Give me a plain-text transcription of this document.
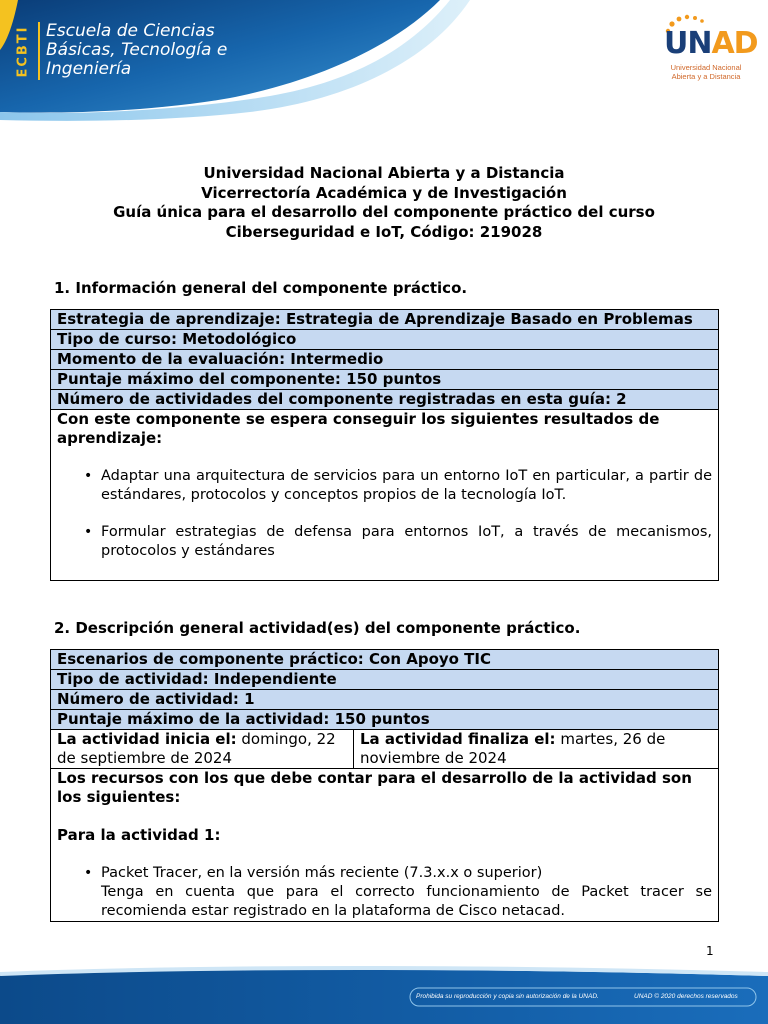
ECBTI Escuela de Ciencias
Básicas, Tecnología e
Ingeniería
UNAD
Universidad Nacional
Abierta y a Distancia
Universidad Nacional Abierta y a Distancia
Vicerrectoría Académica y de Investigación
Guía única para el desarrollo del componente práctico del curso
Ciberseguridad e IoT, Código: 219028
1. Información general del componente práctico.
Estrategia de aprendizaje: Estrategia de Aprendizaje Basado en Problemas
Tipo de curso: Metodológico
Momento de la evaluación: Intermedio
Puntaje máximo del componente: 150 puntos
Número de actividades del componente registradas en esta guía: 2

Con este componente se espera conseguir los siguientes resultados de aprendizaje:
• Adaptar una arquitectura de servicios para un entorno IoT en particular, a partir de estándares, protocolos y conceptos propios de la tecnología IoT.
• Formular estrategias de defensa para entornos IoT, a través de mecanismos, protocolos y estándares
2. Descripción general actividad(es) del componente práctico.
Escenarios de componente práctico: Con Apoyo TIC
Tipo de actividad: Independiente
Número de actividad: 1
Puntaje máximo de la actividad: 150 puntos
La actividad inicia el: domingo, 22 de septiembre de 2024	La actividad finaliza el: martes, 26 de noviembre de 2024

Los recursos con los que debe contar para el desarrollo de la actividad son los siguientes:
Para la actividad 1:
• Packet Tracer, en la versión más reciente (7.3.x.x o superior)
Tenga en cuenta que para el correcto funcionamiento de Packet tracer se recomienda estar registrado en la plataforma de Cisco netacad.
1
Prohibida su reproducción y copia sin autorización de la UNAD.	UNAD © 2020 derechos reservados
